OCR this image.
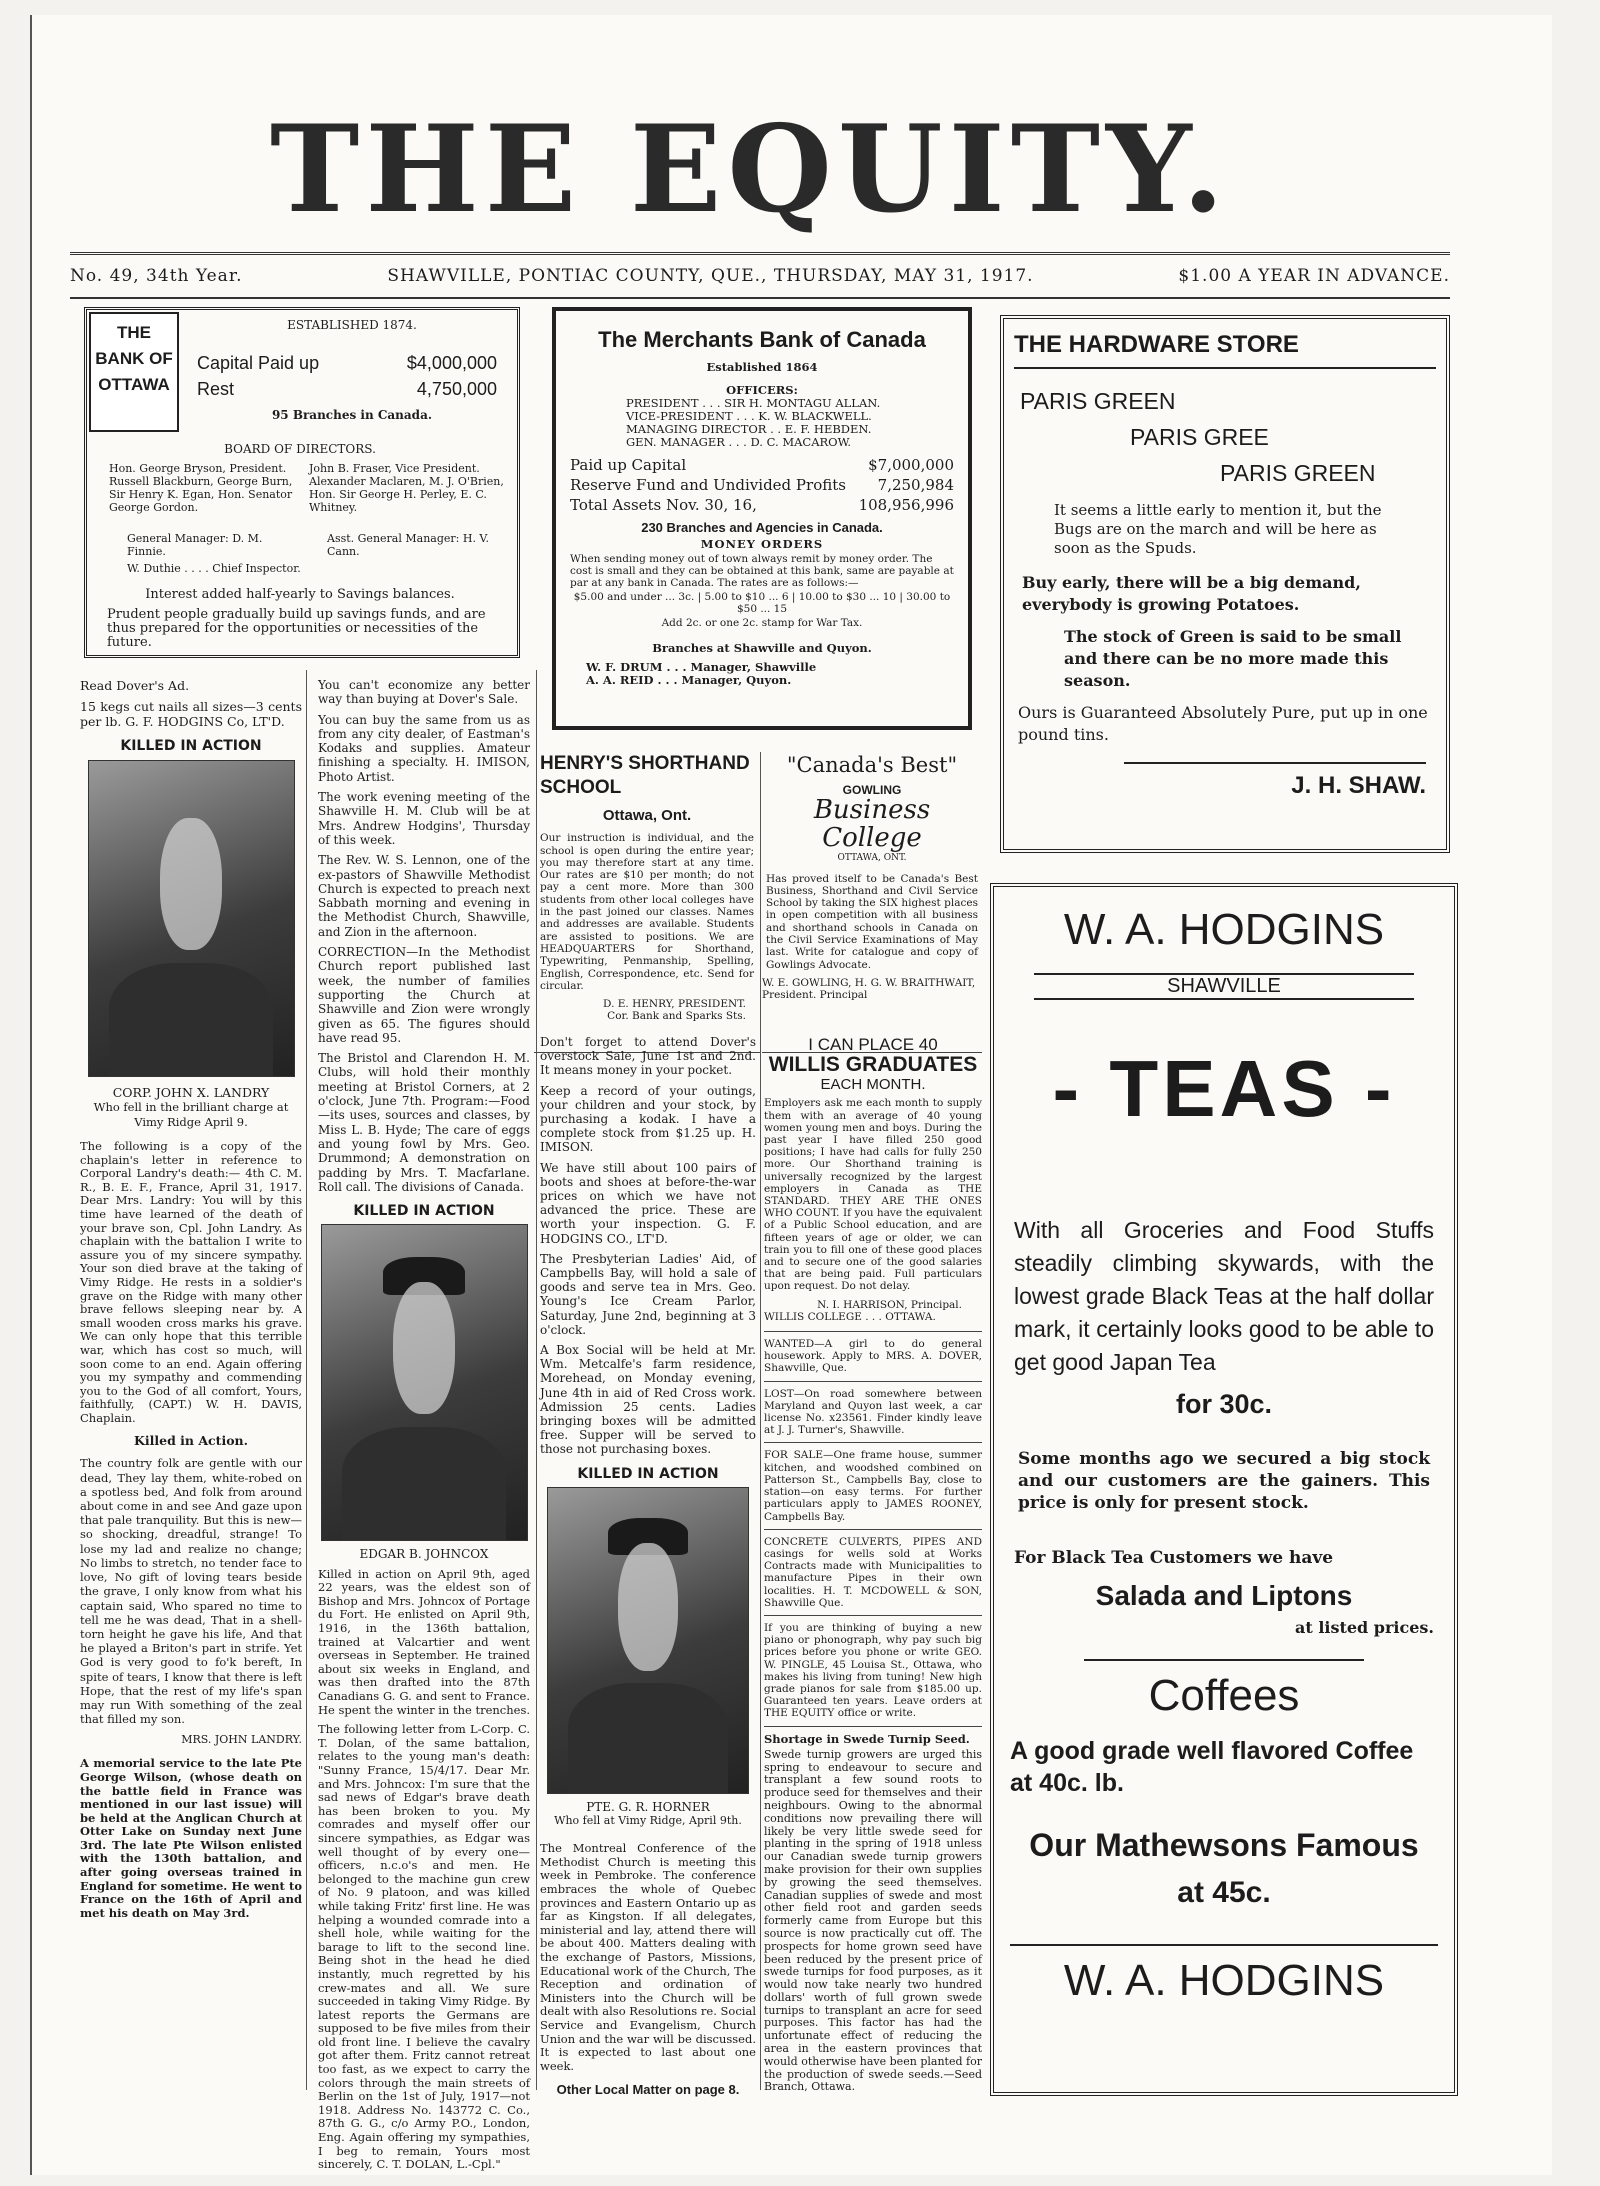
THE EQUITY.
No. 49, 34th Year.	SHAWVILLE, PONTIAC COUNTY, QUE., THURSDAY, MAY 31, 1917.	$1.00 A YEAR IN ADVANCE.
THE BANK OF OTTAWA
ESTABLISHED 1874.
Capital Paid up	$4,000,000
Rest	4,750,000
95 Branches in Canada.
BOARD OF DIRECTORS.
Hon. George Bryson, President. Russell Blackburn, George Burn, Sir Henry K. Egan, Hon. Senator George Gordon.
John B. Fraser, Vice President. Alexander Maclaren, M. J. O'Brien, Hon. Sir George H. Perley, E. C. Whitney.
General Manager: D. M. Finnie.
Asst. General Manager: H. V. Cann.
W. Duthie . . . . Chief Inspector.
Interest added half-yearly to Savings balances.
Prudent people gradually build up savings funds, and are thus prepared for the opportunities or necessities of the future.
The Merchants Bank of Canada
Established 1864
OFFICERS:
PRESIDENT . . . SIR H. MONTAGU ALLAN.
VICE-PRESIDENT . . . K. W. BLACKWELL.
MANAGING DIRECTOR . . E. F. HEBDEN.
GEN. MANAGER . . . D. C. MACAROW.
Paid up Capital	$7,000,000
Reserve Fund and Undivided Profits 7,250,984
Total Assets Nov. 30, 16,	108,956,996
230 Branches and Agencies in Canada.
MONEY ORDERS
When sending money out of town always remit by money order. The cost is small and they can be obtained at this bank, same are payable at par at any bank in Canada. The rates are as follows:—
$5.00 and under ... 3c. | 5.00 to $10 ... 6 | 10.00 to $30 ... 10 | 30.00 to $50 ... 15
Add 2c. or one 2c. stamp for War Tax.
Branches at Shawville and Quyon.
W. F. DRUM . . . Manager, Shawville
A. A. REID . . . Manager, Quyon.
THE HARDWARE STORE
PARIS GREEN
PARIS GREE
PARIS GREEN
It seems a little early to mention it, but the Bugs are on the march and will be here as soon as the Spuds.
Buy early, there will be a big demand, everybody is growing Potatoes.
The stock of Green is said to be small and there can be no more made this season.
Ours is Guaranteed Absolutely Pure, put up in one pound tins.
J. H. SHAW.
W. A. HODGINS
SHAWVILLE
- TEAS -
With all Groceries and Food Stuffs steadily climbing skywards, with the lowest grade Black Teas at the half dollar mark, it certainly looks good to be able to get good Japan Tea
for 30c.
Some months ago we secured a big stock and our customers are the gainers. This price is only for present stock.
For Black Tea Customers we have
Salada and Liptons
at listed prices.
Coffees
A good grade well flavored Coffee at 40c. lb.
Our Mathewsons Famous
at 45c.
W. A. HODGINS

Read Dover's Ad.

15 kegs cut nails all sizes—3 cents per lb. G. F. HODGINS Co, LT'D.

KILLED IN ACTION
CORP. JOHN X. LANDRY
Who fell in the brilliant charge at Vimy Ridge April 9.

The following is a copy of the chaplain's letter in reference to Corporal Landry's death:— 4th C. M. R., B. E. F., France, April 31, 1917. Dear Mrs. Landry: You will by this time have learned of the death of your brave son, Cpl. John Landry. As chaplain with the battalion I write to assure you of my sincere sympathy. Your son died brave at the taking of Vimy Ridge. He rests in a soldier's grave on the Ridge with many other brave fellows sleeping near by. A small wooden cross marks his grave. We can only hope that this terrible war, which has cost so much, will soon come to an end. Again offering you my sympathy and commending you to the God of all comfort, Yours, faithfully, (CAPT.) W. H. DAVIS, Chaplain.

Killed in Action.

The country folk are gentle with our dead, They lay them, white-robed on a spotless bed, And folk from around about come in and see And gaze upon that pale tranquility. But this is new—so shocking, dreadful, strange! To lose my lad and realize no change; No limbs to stretch, no tender face to love, No gift of loving tears beside the grave, I only know from what his captain said, Who spared no time to tell me he was dead, That in a shell-torn height he gave his life, And that he played a Briton's part in strife. Yet God is very good to fo'k bereft, In spite of tears, I know that there is left Hope, that the rest of my life's span may run With something of the zeal that filled my son.

MRS. JOHN LANDRY.

A memorial service to the late Pte George Wilson, (whose death on the battle field in France was mentioned in our last issue) will be held at the Anglican Church at Otter Lake on Sunday next June 3rd. The late Pte Wilson enlisted with the 130th battalion, and after going overseas trained in England for sometime. He went to France on the 16th of April and met his death on May 3rd.

You can't economize any better way than buying at Dover's Sale.

You can buy the same from us as from any city dealer, of Eastman's Kodaks and supplies. Amateur finishing a specialty. H. IMISON, Photo Artist.

The work evening meeting of the Shawville H. M. Club will be at Mrs. Andrew Hodgins', Thursday of this week.

The Rev. W. S. Lennon, one of the ex-pastors of Shawville Methodist Church is expected to preach next Sabbath morning and evening in the Methodist Church, Shawville, and Zion in the afternoon.

CORRECTION—In the Methodist Church report published last week, the number of families supporting the Church at Shawville and Zion were wrongly given as 65. The figures should have read 95.

The Bristol and Clarendon H. M. Clubs, will hold their monthly meeting at Bristol Corners, at 2 o'clock, June 7th. Program:—Food—its uses, sources and classes, by Miss L. B. Hyde; The care of eggs and young fowl by Mrs. Geo. Drummond; A demonstration on padding by Mrs. T. Macfarlane. Roll call. The divisions of Canada.

KILLED IN ACTION
EDGAR B. JOHNCOX

Killed in action on April 9th, aged 22 years, was the eldest son of Bishop and Mrs. Johncox of Portage du Fort. He enlisted on April 9th, 1916, in the 136th battalion, trained at Valcartier and went overseas in September. He trained about six weeks in England, and was then drafted into the 87th Canadians G. G. and sent to France. He spent the winter in the trenches.

The following letter from L-Corp. C. T. Dolan, of the same battalion, relates to the young man's death: "Sunny France, 15/4/17. Dear Mr. and Mrs. Johncox: I'm sure that the sad news of Edgar's brave death has been broken to you. My comrades and myself offer our sincere sympathies, as Edgar was well thought of by every one—officers, n.c.o's and men. He belonged to the machine gun crew of No. 9 platoon, and was killed while taking Fritz' first line. He was helping a wounded comrade into a shell hole, while waiting for the barage to lift to the second line. Being shot in the head he died instantly, much regretted by his crew-mates and all. We sure succeeded in taking Vimy Ridge. By latest reports the Germans are supposed to be five miles from their old front line. I believe the cavalry got after them. Fritz cannot retreat too fast, as we expect to carry the colors through the main streets of Berlin on the 1st of July, 1917—not 1918. Address No. 143772 C. Co., 87th G. G., c/o Army P.O., London, Eng. Again offering my sympathies, I beg to remain, Yours most sincerely, C. T. DOLAN, L.-Cpl."

HENRY'S SHORTHAND SCHOOL
Ottawa, Ont.

Our instruction is individual, and the school is open during the entire year; you may therefore start at any time. Our rates are $10 per month; do not pay a cent more. More than 300 students from other local colleges have in the past joined our classes. Names and addresses are available. Students are assisted to positions. We are HEADQUARTERS for Shorthand, Typewriting, Penmanship, Spelling, English, Correspondence, etc. Send for circular.

D. E. HENRY, PRESIDENT.
Cor. Bank and Sparks Sts.
"Canada's Best"
GOWLING
Business College
OTTAWA, ONT.

Has proved itself to be Canada's Best Business, Shorthand and Civil Service School by taking the SIX highest places in open competition with all business and shorthand schools in Canada on the Civil Service Examinations of May last. Write for catalogue and copy of Gowlings Advocate.

W. E. GOWLING, H. G. W. BRAITHWAIT,
President. Principal

Don't forget to attend Dover's overstock Sale, June 1st and 2nd. It means money in your pocket.

Keep a record of your outings, your children and your stock, by purchasing a kodak. I have a complete stock from $1.25 up. H. IMISON.

We have still about 100 pairs of boots and shoes at before-the-war prices on which we have not advanced the price. These are worth your inspection. G. F. HODGINS CO., LT'D.

The Presbyterian Ladies' Aid, of Campbells Bay, will hold a sale of goods and serve tea in Mrs. Geo. Young's Ice Cream Parlor, Saturday, June 2nd, beginning at 3 o'clock.

A Box Social will be held at Mr. Wm. Metcalfe's farm residence, Morehead, on Monday evening, June 4th in aid of Red Cross work. Admission 25 cents. Ladies bringing boxes will be admitted free. Supper will be served to those not purchasing boxes.

KILLED IN ACTION
PTE. G. R. HORNER
Who fell at Vimy Ridge, April 9th.

The Montreal Conference of the Methodist Church is meeting this week in Pembroke. The conference embraces the whole of Quebec provinces and Eastern Ontario up as far as Kingston. If all delegates, ministerial and lay, attend there will be about 400. Matters dealing with the exchange of Pastors, Missions, Educational work of the Church, The Reception and ordination of Ministers into the Church will be dealt with also Resolutions re. Social Service and Evangelism, Church Union and the war will be discussed. It is expected to last about one week.

Other Local Matter on page 8.
I CAN PLACE 40
WILLIS GRADUATES
EACH MONTH.

Employers ask me each month to supply them with an average of 40 young women young men and boys. During the past year I have filled 250 good positions; I have had calls for fully 250 more. Our Shorthand training is universally recognized by the largest employers in Canada as THE STANDARD. THEY ARE THE ONES WHO COUNT. If you have the equivalent of a Public School education, and are fifteen years of age or older, we can train you to fill one of these good places and to secure one of the good salaries that are being paid. Full particulars upon request. Do not delay.

N. I. HARRISON, Principal.
WILLIS COLLEGE . . . OTTAWA.

WANTED—A girl to do general housework. Apply to MRS. A. DOVER, Shawville, Que.

LOST—On road somewhere between Maryland and Quyon last week, a car license No. x23561. Finder kindly leave at J. J. Turner's, Shawville.

FOR SALE—One frame house, summer kitchen, and woodshed combined on Patterson St., Campbells Bay, close to station—on easy terms. For further particulars apply to JAMES ROONEY, Campbells Bay.

CONCRETE CULVERTS, PIPES AND casings for wells sold at Works Contracts made with Municipalities to manufacture Pipes in their own localities. H. T. MCDOWELL & SON, Shawville Que.

If you are thinking of buying a new piano or phonograph, why pay such big prices before you phone or write GEO. W. PINGLE, 45 Louisa St., Ottawa, who makes his living from tuning! New high grade pianos for sale from $185.00 up. Guaranteed ten years. Leave orders at THE EQUITY office or write.

Shortage in Swede Turnip Seed.

Swede turnip growers are urged this spring to endeavour to secure and transplant a few sound roots to produce seed for themselves and their neighbours. Owing to the abnormal conditions now prevailing there will likely be very little swede seed for planting in the spring of 1918 unless our Canadian swede turnip growers make provision for their own supplies by growing the seed themselves. Canadian supplies of swede and most other field root and garden seeds formerly came from Europe but this source is now practically cut off. The prospects for home grown seed have been reduced by the present price of swede turnips for food purposes, as it would now take nearly two hundred dollars' worth of full grown swede turnips to transplant an acre for seed purposes. This factor has had the unfortunate effect of reducing the area in the eastern provinces that would otherwise have been planted for the production of swede seeds.—Seed Branch, Ottawa.
